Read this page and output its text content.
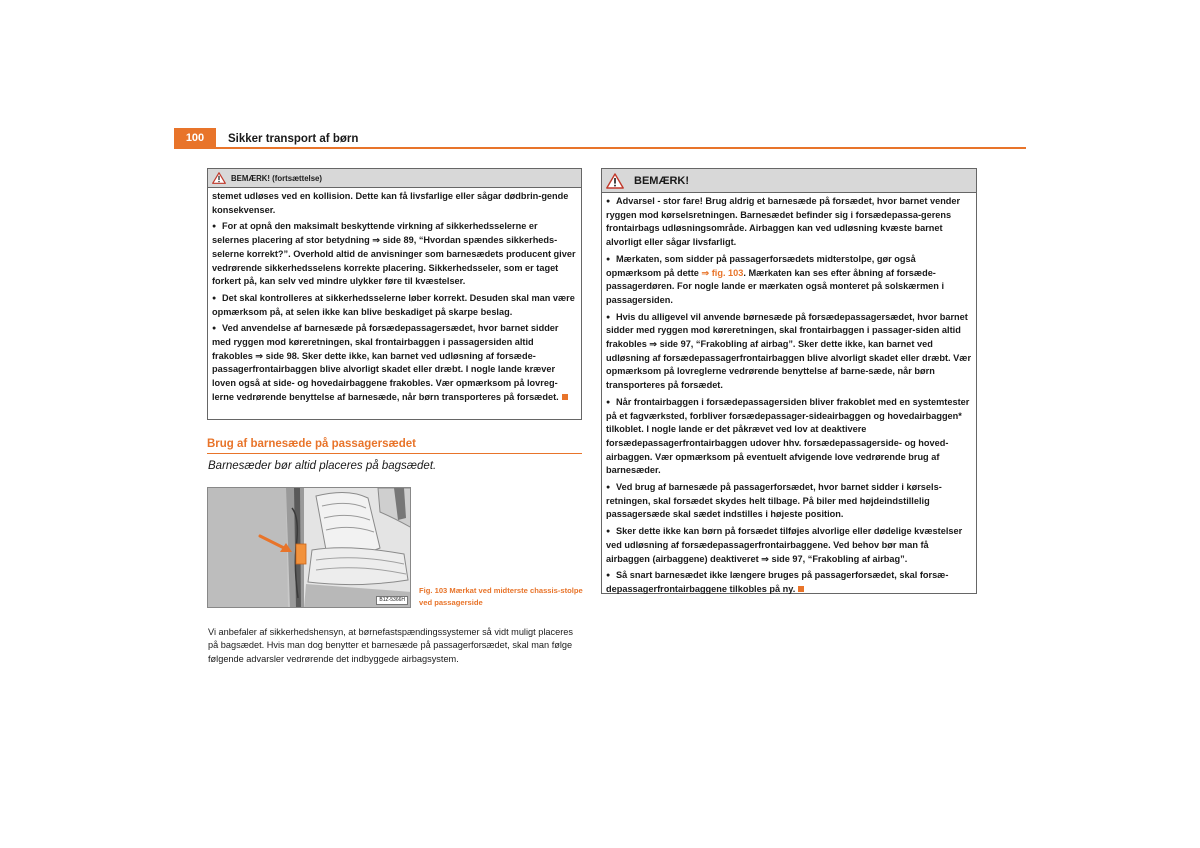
100	Sikker transport af børn
BEMÆRK! (fortsættelse)

stemet udløses ved en kollision. Dette kan få livsfarlige eller sågar dødbrin-gende konsekvenser.

● For at opnå den maksimalt beskyttende virkning af sikkerhedsselerne er selernes placering af stor betydning ⇒ side 89, “Hvordan spændes sikkerheds-selerne korrekt?”. Overhold altid de anvisninger som barnesædets producent giver vedrørende sikkerhedsselens korrekte placering. Sikkerhedsseler, som er taget forkert på, kan selv ved mindre ulykker føre til kvæstelser.

● Det skal kontrolleres at sikkerhedsselerne løber korrekt. Desuden skal man være opmærksom på, at selen ikke kan blive beskadiget på skarpe beslag.

● Ved anvendelse af barnesæde på forsædepassagersædet, hvor barnet sidder med ryggen mod køreretningen, skal frontairbaggen i passagersiden altid frakobles ⇒ side 98. Sker dette ikke, kan barnet ved udløsning af forsæde-passagerfrontairbaggen blive alvorligt skadet eller dræbt. I nogle lande kræver loven også at side- og hovedairbaggene frakobles. Vær opmærksom på lovreg-lerne vedrørende benyttelse af barnesæde, når børn transporteres på forsædet.

Brug af barnesæde på passagersædet
Barnesæder bør altid placeres på bagsædet.
B1Z-5366H
Fig. 103 Mærkat ved midterste chassis-stolpe ved passagerside
Vi anbefaler af sikkerhedshensyn, at børnefastspændingssystemer så vidt muligt placeres på bagsædet. Hvis man dog benytter et barnesæde på passagerforsædet, skal man følge følgende advarsler vedrørende det indbyggede airbagsystem.
BEMÆRK!

● Advarsel - stor fare! Brug aldrig et barnesæde på forsædet, hvor barnet vender ryggen mod kørselsretningen. Barnesædet befinder sig i forsædepassa-gerens frontairbags udløsningsområde. Airbaggen kan ved udløsning kvæste barnet alvorligt eller sågar livsfarligt.

● Mærkaten, som sidder på passagerforsædets midterstolpe, gør også opmærksom på dette ⇒ fig. 103. Mærkaten kan ses efter åbning af forsæde-passagerdøren. For nogle lande er mærkaten også monteret på solskærmen i passagersiden.

● Hvis du alligevel vil anvende børnesæde på forsædepassagersædet, hvor barnet sidder med ryggen mod køreretningen, skal frontairbaggen i passager-siden altid frakobles ⇒ side 97, “Frakobling af airbag”. Sker dette ikke, kan barnet ved udløsning af forsædepassagerfrontairbaggen blive alvorligt skadet eller dræbt. Vær opmærksom på lovreglerne vedrørende benyttelse af barne-sæde, når børn transporteres på forsædet.

● Når frontairbaggen i forsædepassagersiden bliver frakoblet med en systemtester på et fagværksted, forbliver forsædepassager-sideairbaggen og hovedairbaggen* tilkoblet. I nogle lande er det påkrævet ved lov at deaktivere forsædepassagerfrontairbaggen udover hhv. forsædepassagerside- og hoved-airbaggen. Vær opmærksom på eventuelt afvigende love vedrørende brug af barnesæder.

● Ved brug af barnesæde på passagerforsædet, hvor barnet sidder i kørsels-retningen, skal forsædet skydes helt tilbage. På biler med højdeindstillelig passagersæde skal sædet indstilles i højeste position.

● Sker dette ikke kan børn på forsædet tilføjes alvorlige eller dødelige kvæstelser ved udløsning af forsædepassagerfrontairbaggene. Ved behov bør man få airbaggen (airbaggene) deaktiveret ⇒ side 97, “Frakobling af airbag”.

● Så snart barnesædet ikke længere bruges på passagerforsædet, skal forsæ-depassagerfrontairbaggene tilkobles på ny.
